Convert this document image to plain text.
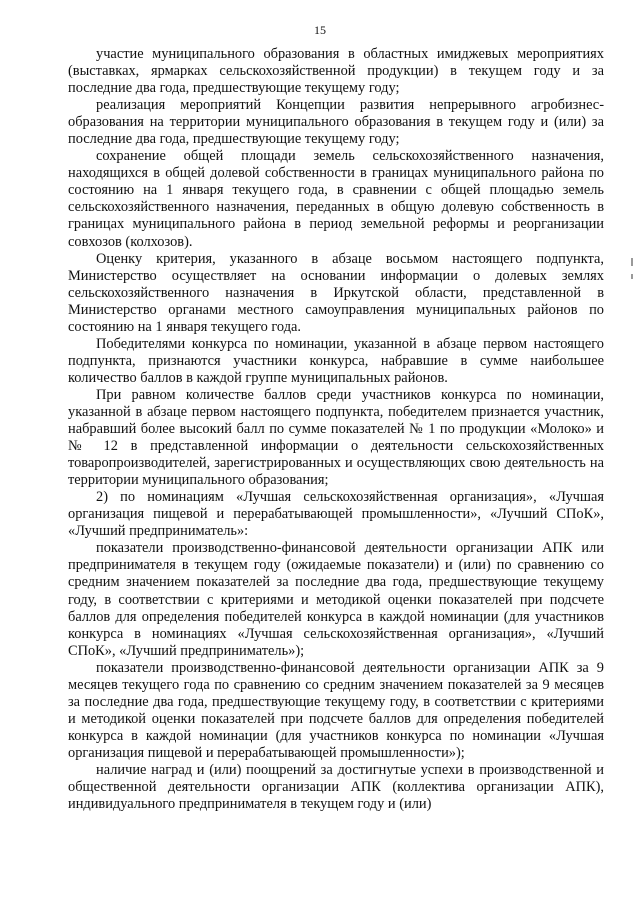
15

участие муниципального образования в областных имиджевых мероприятиях (выставках, ярмарках сельскохозяйственной продукции) в текущем году и за последние два года, предшествующие текущему году;

реализация мероприятий Концепции развития непрерывного агробизнес-образования на территории муниципального образования в текущем году и (или) за последние два года, предшествующие текущему году;

сохранение общей площади земель сельскохозяйственного назначения, находящихся в общей долевой собственности в границах муниципального района по состоянию на 1 января текущего года, в сравнении с общей площадью земель сельскохозяйственного назначения, переданных в общую долевую собственность в границах муниципального района в период земельной реформы и реорганизации совхозов (колхозов).

Оценку критерия, указанного в абзаце восьмом настоящего подпункта, Министерство осуществляет на основании информации о долевых землях сельскохозяйственного назначения в Иркутской области, представленной в Министерство органами местного самоуправления муниципальных районов по состоянию на 1 января текущего года.

Победителями конкурса по номинации, указанной в абзаце первом настоящего подпункта, признаются участники конкурса, набравшие в сумме наибольшее количество баллов в каждой группе муниципальных районов.

При равном количестве баллов среди участников конкурса по номинации, указанной в абзаце первом настоящего подпункта, победителем признается участник, набравший более высокий балл по сумме показателей № 1 по продукции «Молоко» и № 12 в представленной информации о деятельности сельскохозяйственных товаропроизводителей, зарегистрированных и осуществляющих свою деятельность на территории муниципального образования;

2) по номинациям «Лучшая сельскохозяйственная организация», «Лучшая организация пищевой и перерабатывающей промышленности», «Лучший СПоК», «Лучший предприниматель»:

показатели производственно-финансовой деятельности организации АПК или предпринимателя в текущем году (ожидаемые показатели) и (или) по сравнению со средним значением показателей за последние два года, предшествующие текущему году, в соответствии с критериями и методикой оценки показателей при подсчете баллов для определения победителей конкурса в каждой номинации (для участников конкурса в номинациях «Лучшая сельскохозяйственная организация», «Лучший СПоК», «Лучший предприниматель»);

показатели производственно-финансовой деятельности организации АПК за 9 месяцев текущего года по сравнению со средним значением показателей за 9 месяцев за последние два года, предшествующие текущему году, в соответствии с критериями и методикой оценки показателей при подсчете баллов для определения победителей конкурса в каждой номинации (для участников конкурса по номинации «Лучшая организация пищевой и перерабатывающей промышленности»);

наличие наград и (или) поощрений за достигнутые успехи в производственной и общественной деятельности организации АПК (коллектива организации АПК), индивидуального предпринимателя в текущем году и (или)
